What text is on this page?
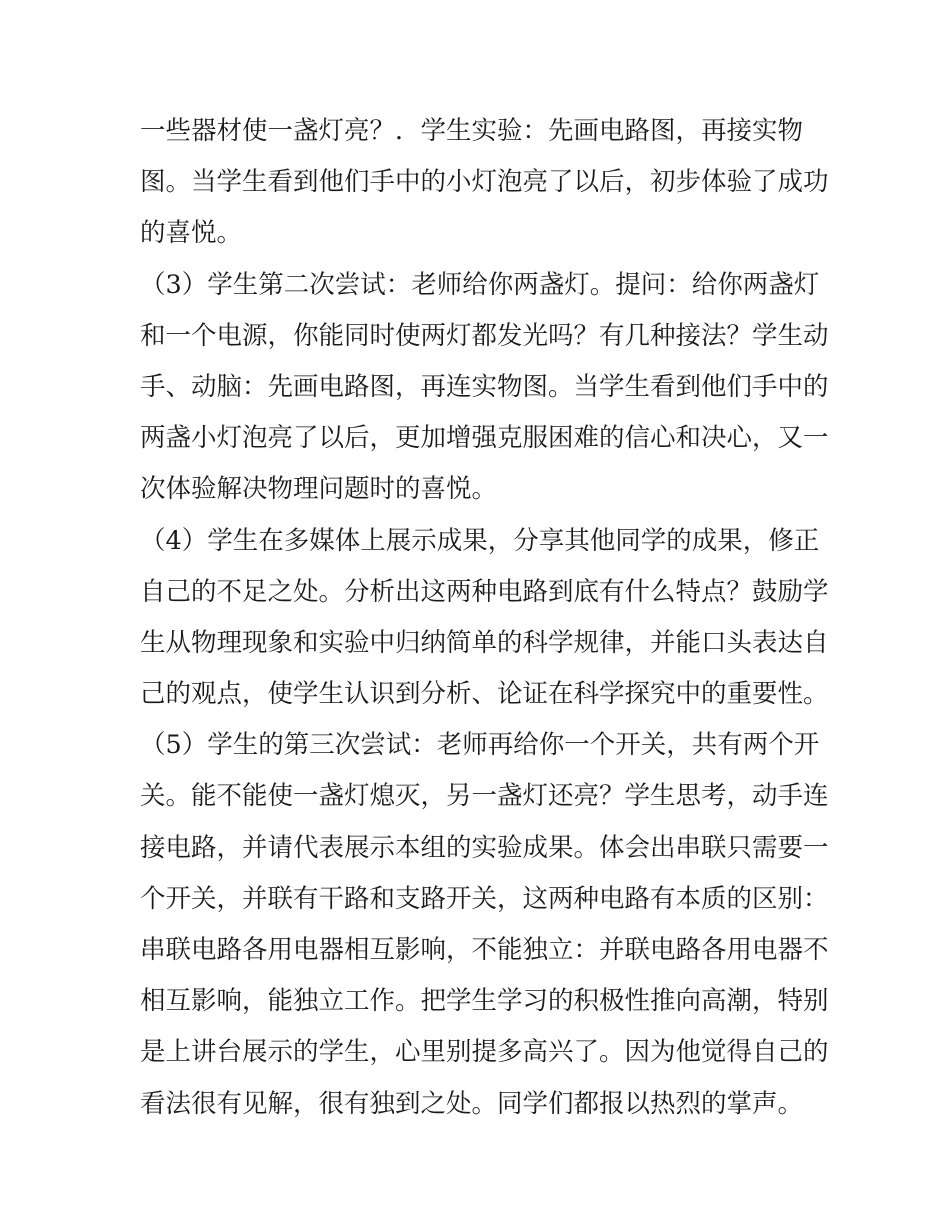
一些器材使一盏灯亮？．学生实验：先画电路图，再接实物
图。当学生看到他们手中的小灯泡亮了以后，初步体验了成功
的喜悦。
（3）学生第二次尝试：老师给你两盏灯。提问：给你两盏灯
和一个电源，你能同时使两灯都发光吗？有几种接法？学生动
手、动脑：先画电路图，再连实物图。当学生看到他们手中的
两盏小灯泡亮了以后，更加增强克服困难的信心和决心，又一
次体验解决物理问题时的喜悦。
（4）学生在多媒体上展示成果，分享其他同学的成果，修正
自己的不足之处。分析出这两种电路到底有什么特点？鼓励学
生从物理现象和实验中归纳简单的科学规律，并能口头表达自
己的观点，使学生认识到分析、论证在科学探究中的重要性。
（5）学生的第三次尝试：老师再给你一个开关，共有两个开
关。能不能使一盏灯熄灭，另一盏灯还亮？学生思考，动手连
接电路，并请代表展示本组的实验成果。体会出串联只需要一
个开关，并联有干路和支路开关，这两种电路有本质的区别：
串联电路各用电器相互影响，不能独立：并联电路各用电器不
相互影响，能独立工作。把学生学习的积极性推向高潮，特别
是上讲台展示的学生，心里别提多高兴了。因为他觉得自己的
看法很有见解，很有独到之处。同学们都报以热烈的掌声。
